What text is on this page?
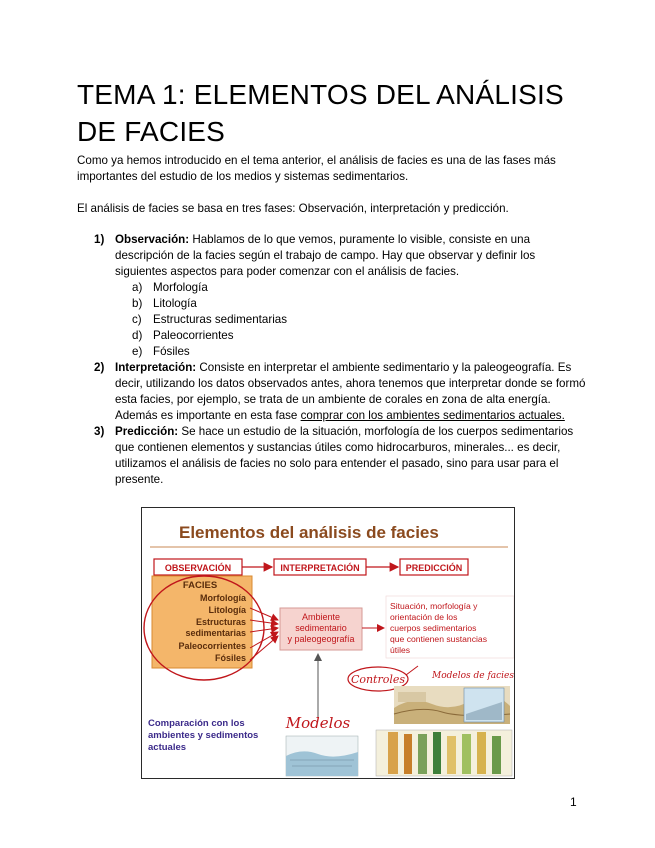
TEMA 1: ELEMENTOS DEL ANÁLISIS DE FACIES

Como ya hemos introducido en el tema anterior, el análisis de facies es una de las fases más importantes del estudio de los medios y sistemas sedimentarios.

El análisis de facies se basa en tres fases: Observación, interpretación y predicción.

1) Observación: Hablamos de lo que vemos, puramente lo visible, consiste en una descripción de la facies según el trabajo de campo. Hay que observar y definir los siguientes aspectos para poder comenzar con el análisis de facies.
a) Morfología
b) Litología
c) Estructuras sedimentarias
d) Paleocorrientes
e) Fósiles
2) Interpretación: Consiste en interpretar el ambiente sedimentario y la paleogeografía. Es decir, utilizando los datos observados antes, ahora tenemos que interpretar donde se formó esta facies, por ejemplo, se trata de un ambiente de corales en zona de alta energía. Además es importante en esta fase comprar con los ambientes sedimentarios actuales.
3) Predicción: Se hace un estudio de la situación, morfología de los cuerpos sedimentarios que contienen elementos y sustancias útiles como hidrocarburos, minerales... es decir, utilizamos el análisis de facies no solo para entender el pasado, sino para usar para el presente.
Elementos del análisis de facies
OBSERVACIÓN	INTERPRETACIÓN	PREDICCIÓN
FACIES
Morfología
Litología
Estructuras
sedimentarias
Paleocorrientes
Fósiles
Ambiente
sedimentario
y paleogeografía
Situación, morfología y
orientación de los
cuerpos sedimentarios
que contienen sustancias
útiles
Controles	Modelos de facies
Modelos
Comparación con los
ambientes y sedimentos
actuales
1
